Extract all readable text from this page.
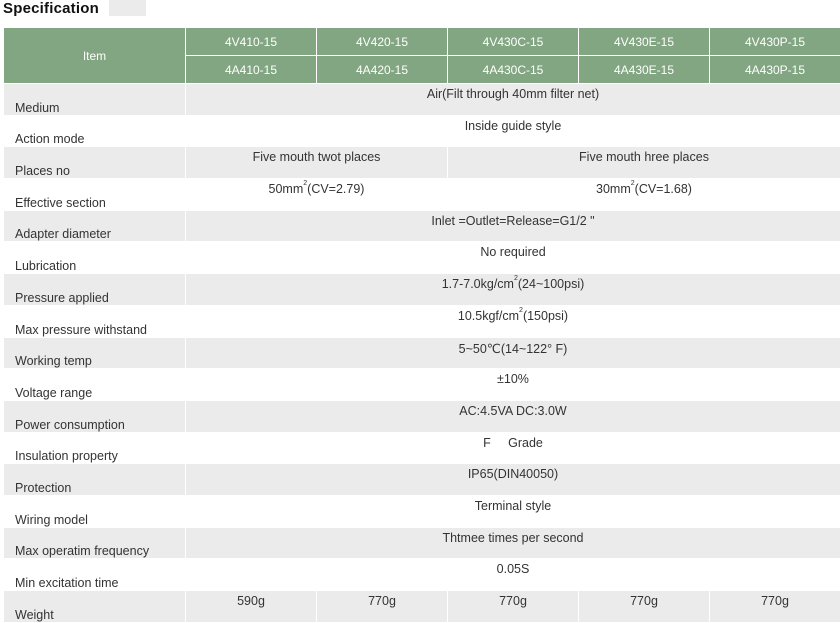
Specification
Item	4V410-15	4V420-15	4V430C-15	4V430E-15	4V430P-15
	4A410-15	4A420-15	4A430C-15	4A430E-15	4A430P-15
Medium	Air(Filt through 40mm filter net)				
Action mode	Inside guide style				
Places no	Five mouth twot places		Five mouth hree places		
Effective section	$50mm^2(CV=2.79)$		$30mm^2(CV=1.68)$		
Adapter diameter	Inlet =Outlet=Release=G1/2 "				
Lubrication	No required				
Pressure applied	$1.7-7.0kg/cm^2(24\sim 100psi)$				
Max pressure withstand	$10.5kgf/cm^2(150psi)$				
Working temp	5~50℃(14~122° F)				
Voltage range	±10%				
Power consumption	AC:4.5VA DC:3.0W				
Insulation property	F     Grade				
Protection	IP65(DIN40050)				
Wiring model	Terminal style				
Max operatim frequency	Thtmee times per second				
Min excitation time	0.05S				
Weight	590g	770g	770g	770g	770g
